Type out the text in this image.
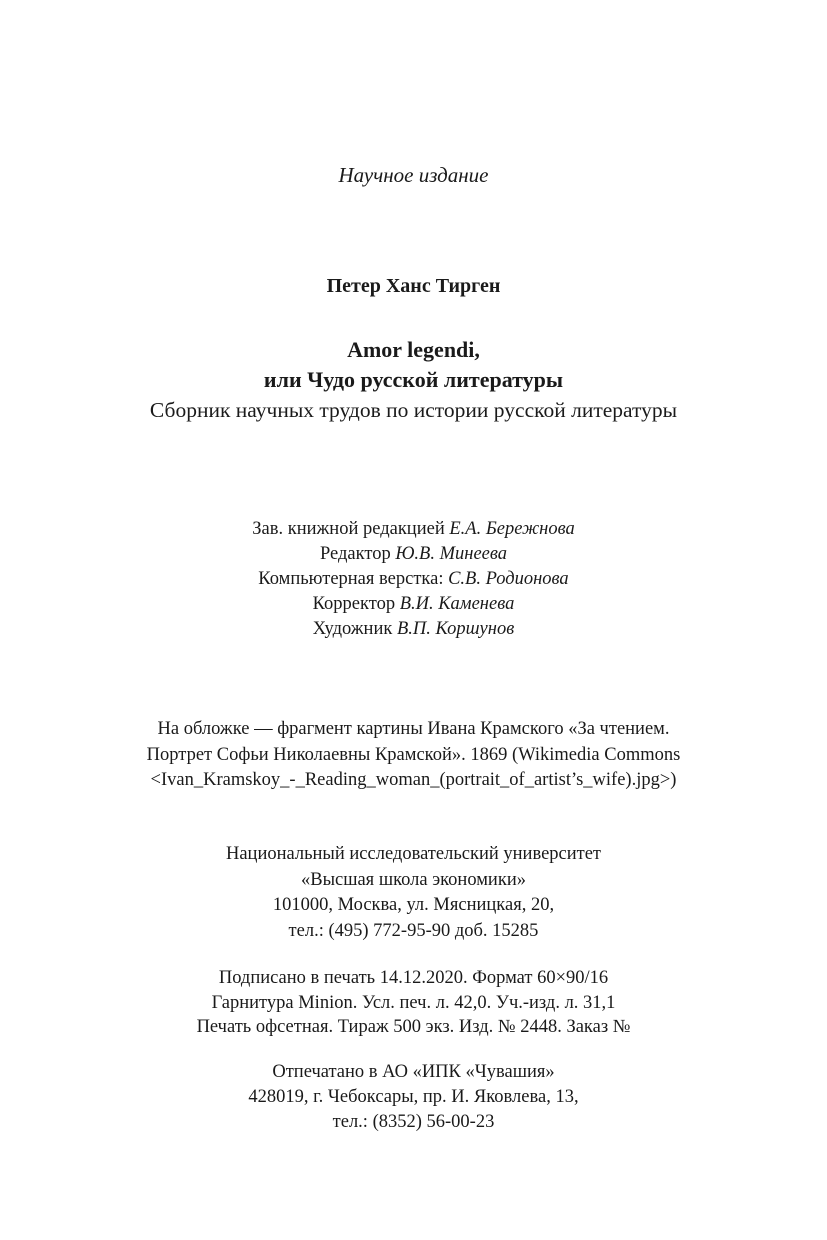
Научное издание
Петер Ханс Тирген
Amor legendi,
или Чудо русской литературы
Сборник научных трудов по истории русской литературы
Зав. книжной редакцией Е.А. Бережнова
Редактор Ю.В. Минеева
Компьютерная верстка: С.В. Родионова
Корректор В.И. Каменева
Художник В.П. Коршунов
На обложке — фрагмент картины Ивана Крамского «За чтением.
Портрет Софьи Николаевны Крамской». 1869 (Wikimedia Commons
<Ivan_Kramskoy_-_Reading_woman_(portrait_of_artist’s_wife).jpg>)
Национальный исследовательский университет
«Высшая школа экономики»
101000, Москва, ул. Мясницкая, 20,
тел.: (495) 772-95-90 доб. 15285
Подписано в печать 14.12.2020. Формат 60×90/16
Гарнитура Minion. Усл. печ. л. 42,0. Уч.-изд. л. 31,1
Печать офсетная. Тираж 500 экз. Изд. № 2448. Заказ №
Отпечатано в АО «ИПК «Чувашия»
428019, г. Чебоксары, пр. И. Яковлева, 13,
тел.: (8352) 56-00-23
